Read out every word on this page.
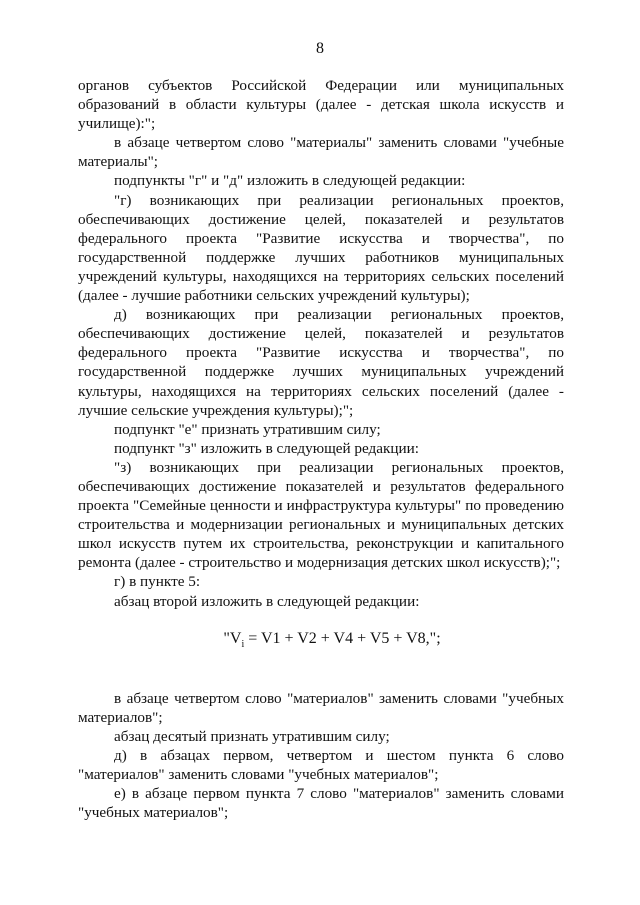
8

органов субъектов Российской Федерации или муниципальных образований в области культуры (далее - детская школа искусств и училище):";

в абзаце четвертом слово "материалы" заменить словами "учебные материалы";

подпункты "г" и "д" изложить в следующей редакции:

"г) возникающих при реализации региональных проектов, обеспечивающих достижение целей, показателей и результатов федерального проекта "Развитие искусства и творчества", по государственной поддержке лучших работников муниципальных учреждений культуры, находящихся на территориях сельских поселений (далее - лучшие работники сельских учреждений культуры);

д) возникающих при реализации региональных проектов, обеспечивающих достижение целей, показателей и результатов федерального проекта "Развитие искусства и творчества", по государственной поддержке лучших муниципальных учреждений культуры, находящихся на территориях сельских поселений (далее - лучшие сельские учреждения культуры);";

подпункт "е" признать утратившим силу;

подпункт "з" изложить в следующей редакции:

"з) возникающих при реализации региональных проектов, обеспечивающих достижение показателей и результатов федерального проекта "Семейные ценности и инфраструктура культуры" по проведению строительства и модернизации региональных и муниципальных детских школ искусств путем их строительства, реконструкции и капитального ремонта (далее - строительство и модернизация детских школ искусств);";

г) в пункте 5:

абзац второй изложить в следующей редакции:

"$V_i = V1 + V2 + V4 + V5 + V8$,";

в абзаце четвертом слово "материалов" заменить словами "учебных материалов";

абзац десятый признать утратившим силу;

д) в абзацах первом, четвертом и шестом пункта 6 слово "материалов" заменить словами "учебных материалов";

е) в абзаце первом пункта 7 слово "материалов" заменить словами "учебных материалов";
